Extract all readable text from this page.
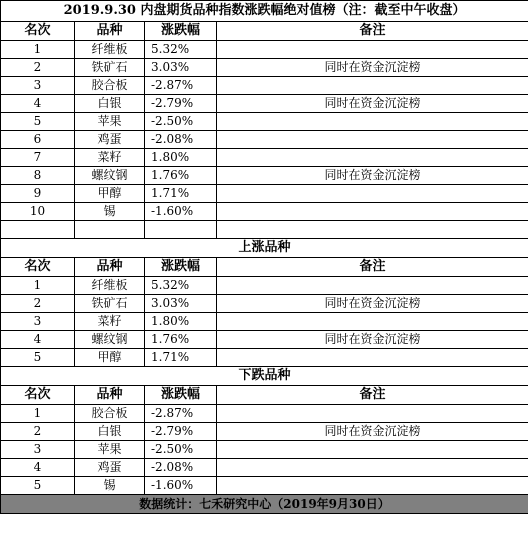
2019.9.30 内盘期货品种指数涨跌幅绝对值榜（注：截至中午收盘）			
名次	品种	涨跌幅	备注
1	纤维板	5.32%	
2	铁矿石	3.03%	同时在资金沉淀榜
3	胶合板	-2.87%	
4	白银	-2.79%	同时在资金沉淀榜
5	苹果	-2.50%	
6	鸡蛋	-2.08%	
7	菜籽	1.80%	
8	螺纹钢	1.76%	同时在资金沉淀榜
9	甲醇	1.71%	
10	锡	-1.60%	

上涨品种			
名次	品种	涨跌幅	备注
1	纤维板	5.32%	
2	铁矿石	3.03%	同时在资金沉淀榜
3	菜籽	1.80%	
4	螺纹钢	1.76%	同时在资金沉淀榜
5	甲醇	1.71%	
下跌品种			
名次	品种	涨跌幅	备注
1	胶合板	-2.87%	
2	白银	-2.79%	同时在资金沉淀榜
3	苹果	-2.50%	
4	鸡蛋	-2.08%	
5	锡	-1.60%	
数据统计：七禾研究中心（2019年9月30日）			
